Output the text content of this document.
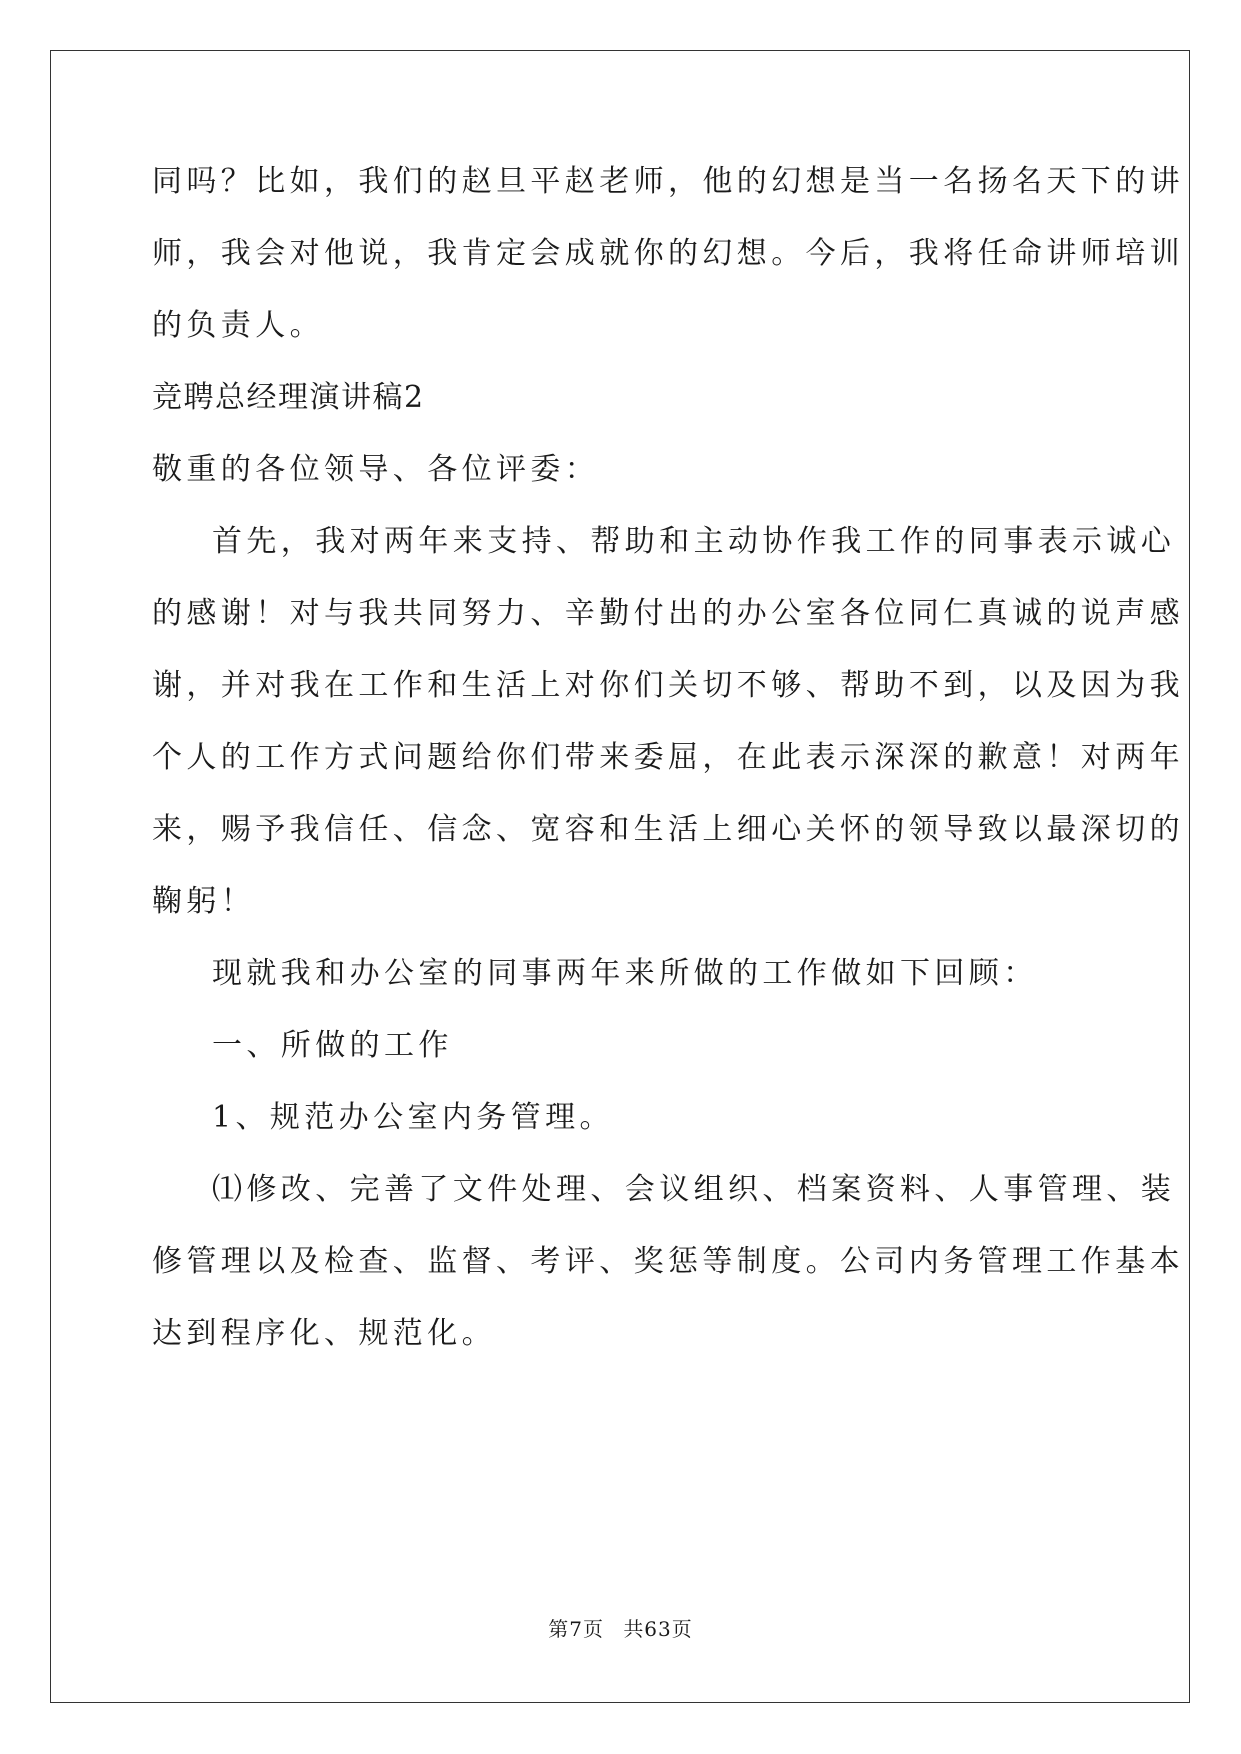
同吗？比如，我们的赵旦平赵老师，他的幻想是当一名扬名天下的讲
师，我会对他说，我肯定会成就你的幻想。今后，我将任命讲师培训
的负责人。
竞聘总经理演讲稿2
敬重的各位领导、各位评委：
首先，我对两年来支持、帮助和主动协作我工作的同事表示诚心
的感谢！对与我共同努力、辛勤付出的办公室各位同仁真诚的说声感
谢，并对我在工作和生活上对你们关切不够、帮助不到，以及因为我
个人的工作方式问题给你们带来委屈，在此表示深深的歉意！对两年
来，赐予我信任、信念、宽容和生活上细心关怀的领导致以最深切的
鞠躬！
现就我和办公室的同事两年来所做的工作做如下回顾：
一、所做的工作
1、规范办公室内务管理。
⑴修改、完善了文件处理、会议组织、档案资料、人事管理、装
修管理以及检查、监督、考评、奖惩等制度。公司内务管理工作基本
达到程序化、规范化。
第7页 共63页
